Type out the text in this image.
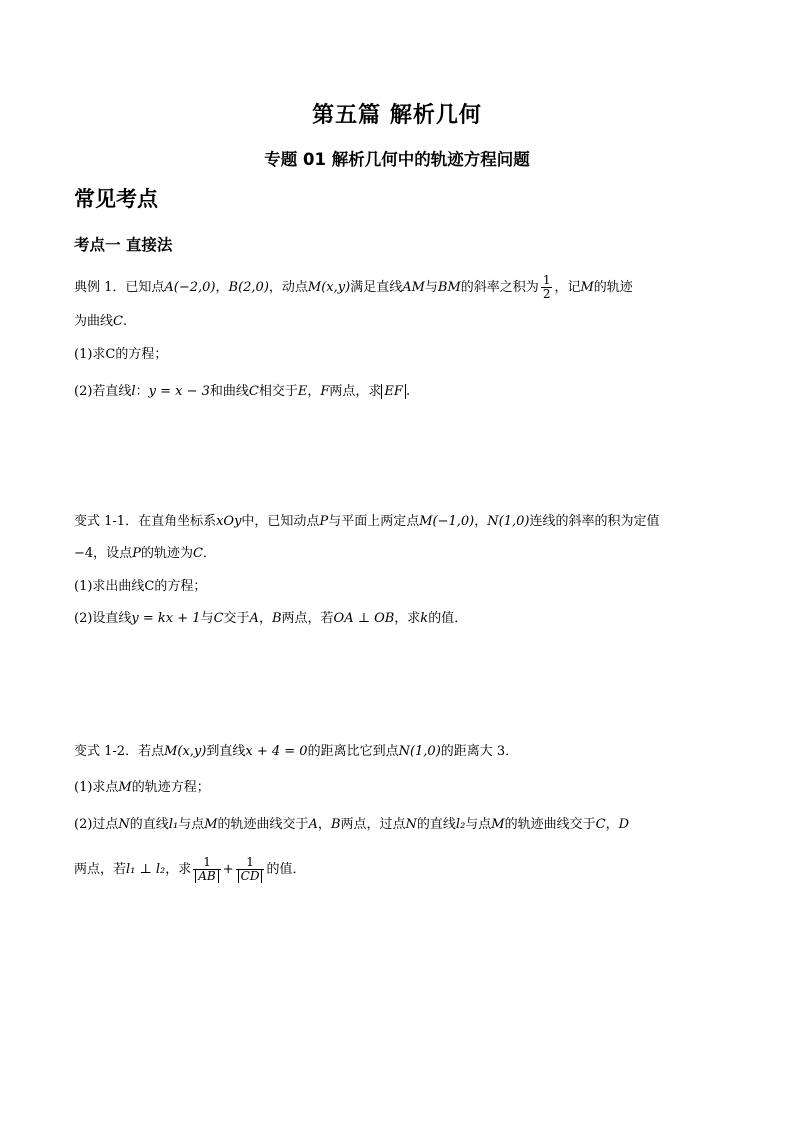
第五篇 解析几何
专题 01 解析几何中的轨迹方程问题
常见考点
考点一 直接法
典例 1．已知点A(−2,0)，B(2,0)，动点M(x,y)满足直线AM与BM的斜率之积为 $\frac{1}{2}$ ，记M的轨迹
为曲线C.
(1)求C的方程；
(2)若直线l：y = x − 3和曲线C相交于E，F两点，求 EF .
变式 1-1．在直角坐标系xOy中，已知动点P与平面上两定点M(−1,0)，N(1,0)连线的斜率的积为定值
−4，设点P的轨迹为C．
(1)求出曲线C的方程；
(2)设直线y = kx + 1与C交于A，B两点，若OA ⊥ OB，求k的值．
变式 1-2．若点M(x,y)到直线x + 4 = 0的距离比它到点N(1,0)的距离大 3．
(1)求点M的轨迹方程；
(2)过点N的直线l₁与点M的轨迹曲线交于A，B两点，过点N的直线l₂与点M的轨迹曲线交于C，D
两点，若l₁ ⊥ l₂，求 $\frac{1}{AB} + \frac{1}{CD}$ 的值．
